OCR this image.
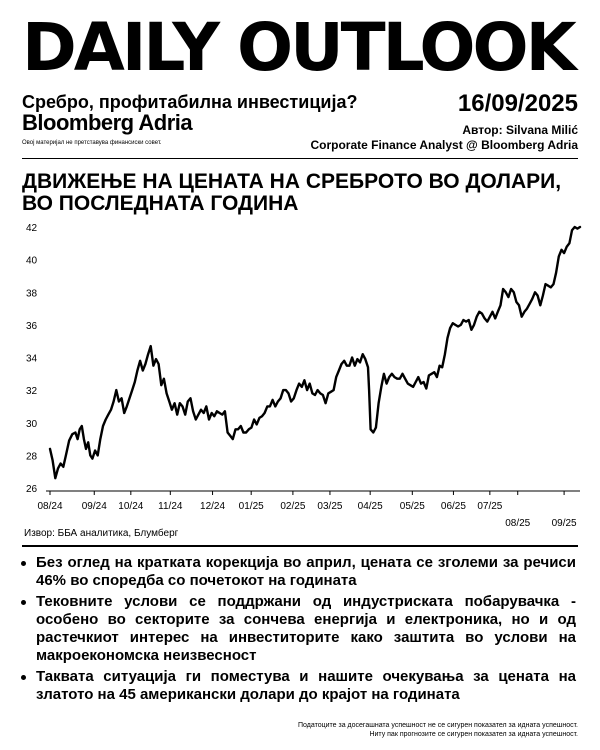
DAILY OUTLOOK
Сребро, профитабилна инвестиција?
Bloomberg Adria
Овој материјал не претставува финансиски совет.
16/09/2025
Автор: Silvana Milić
Corporate Finance Analyst @ Bloomberg Adria
ДВИЖЕЊЕ НА ЦЕНАТА НА СРЕБРОТО ВО ДОЛАРИ, ВО ПОСЛЕДНАТА ГОДИНА
26
28
30
32
34
36
38
40
42
08/24 09/24 10/24 11/24 12/24 01/25 02/25 03/25 04/25 05/25 06/25 07/25
08/25 09/25
Извор: ББА аналитика, Блумберг
Без оглед на краткатa корекција во април, цената се зголеми за речиси 46% во споредба со почетокот на годината
Тековните услови се поддржани од индустриската побарувачка - особено во секторите за сончева енергија и електроника, но и од растечкиот интерес на инвеститорите како заштита во услови на макроекономска неизвесност
Таквата ситуација ги поместува и нашите очекувања за цената на златото на 45 американски долари до крајот на годината
Податоците за досегашната успешност не се сигурен показател за идната успешност.
Ниту пак прогнозите се сигурен показател за идната успешност.
